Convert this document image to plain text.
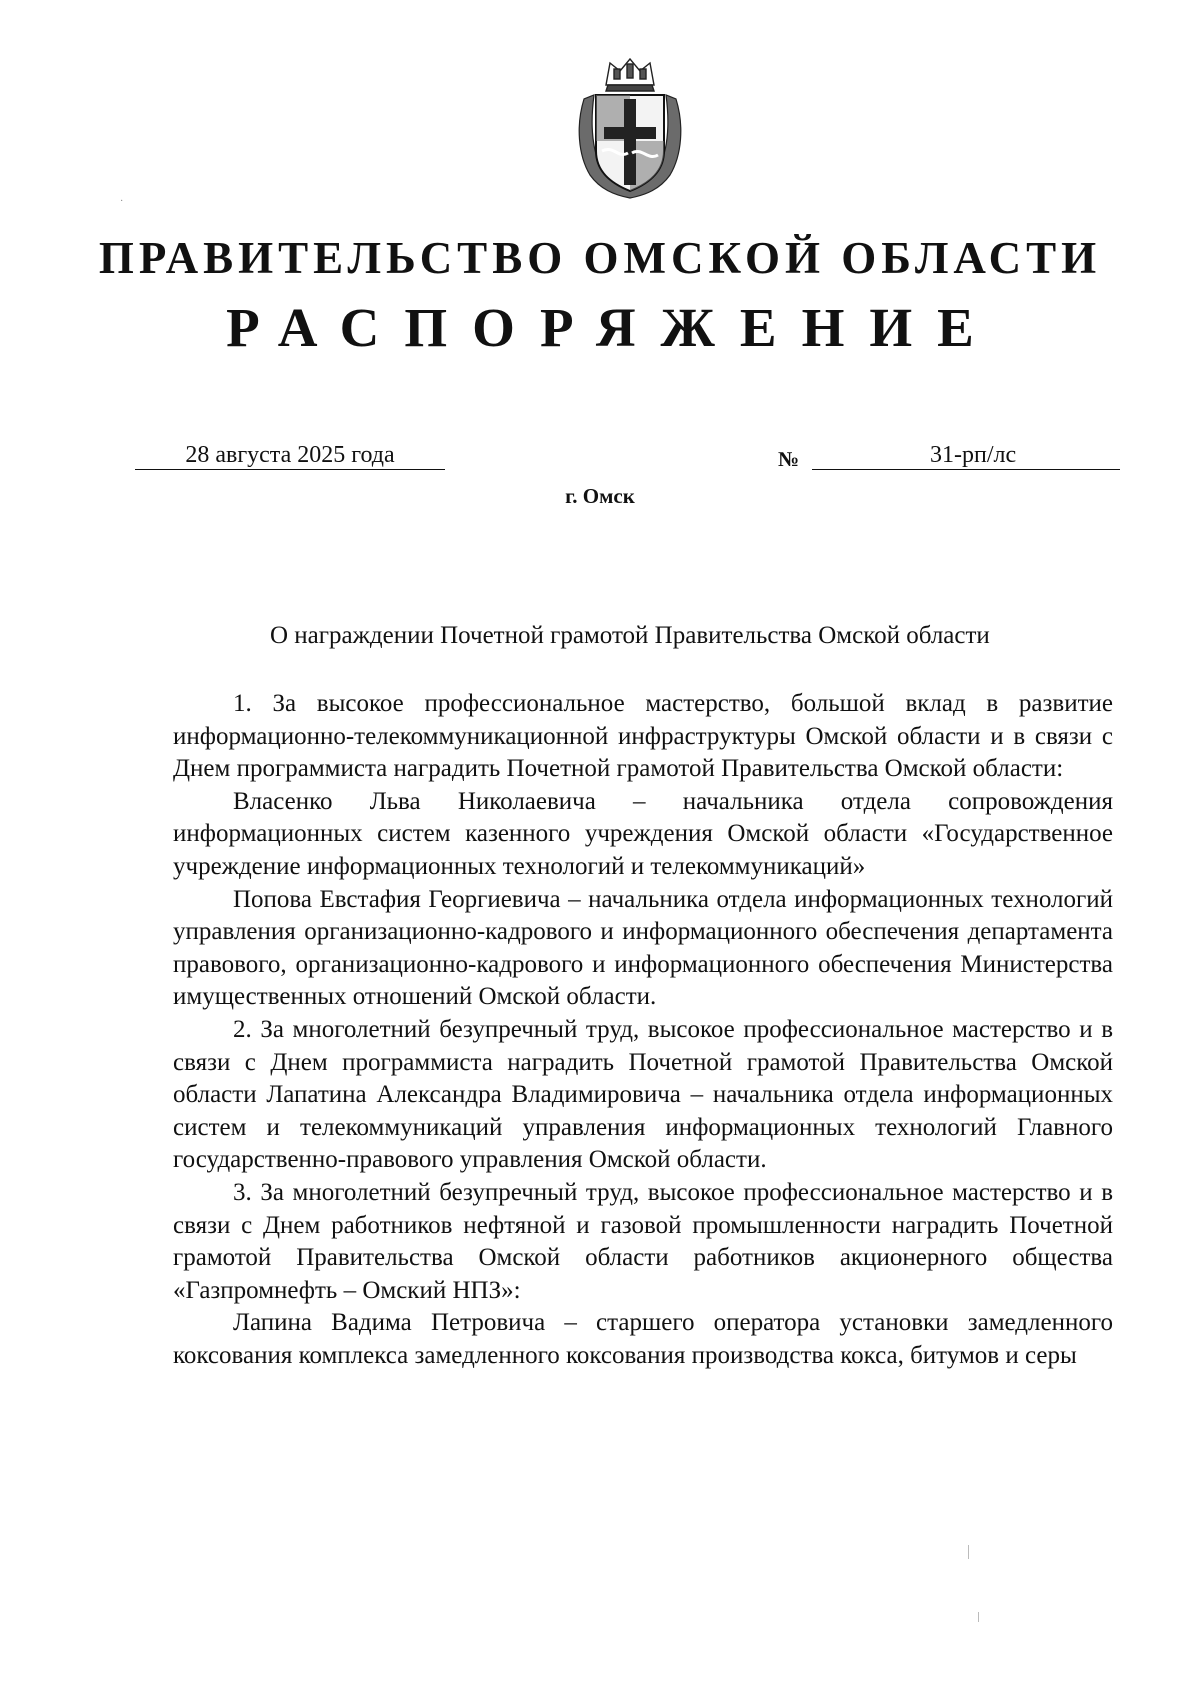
·
ПРАВИТЕЛЬСТВО ОМСКОЙ ОБЛАСТИ
РАСПОРЯЖЕНИЕ
28 августа 2025 года	№	31-рп/лс
г. Омск
О награждении Почетной грамотой Правительства Омской области

1. За высокое профессиональное мастерство, большой вклад в развитие информационно-телекоммуникационной инфраструктуры Омской области и в связи с Днем программиста наградить Почетной грамотой Правительства Омской области:

Власенко Льва Николаевича – начальника отдела сопровождения информационных систем казенного учреждения Омской области «Государственное учреждение информационных технологий и телекоммуникаций»

Попова Евстафия Георгиевича – начальника отдела информационных технологий управления организационно-кадрового и информационного обеспечения департамента правового, организационно-кадрового и информационного обеспечения Министерства имущественных отношений Омской области.

2. За многолетний безупречный труд, высокое профессиональное мастерство и в связи с Днем программиста наградить Почетной грамотой Правительства Омской области Лапатина Александра Владимировича – начальника отдела информационных систем и телекоммуникаций управления информационных технологий Главного государственно-правового управления Омской области.

3. За многолетний безупречный труд, высокое профессиональное мастерство и в связи с Днем работников нефтяной и газовой промышленности наградить Почетной грамотой Правительства Омской области работников акционерного общества «Газпромнефть – Омский НПЗ»:

Лапина Вадима Петровича – старшего оператора установки замедленного коксования комплекса замедленного коксования производства кокса, битумов и серы
